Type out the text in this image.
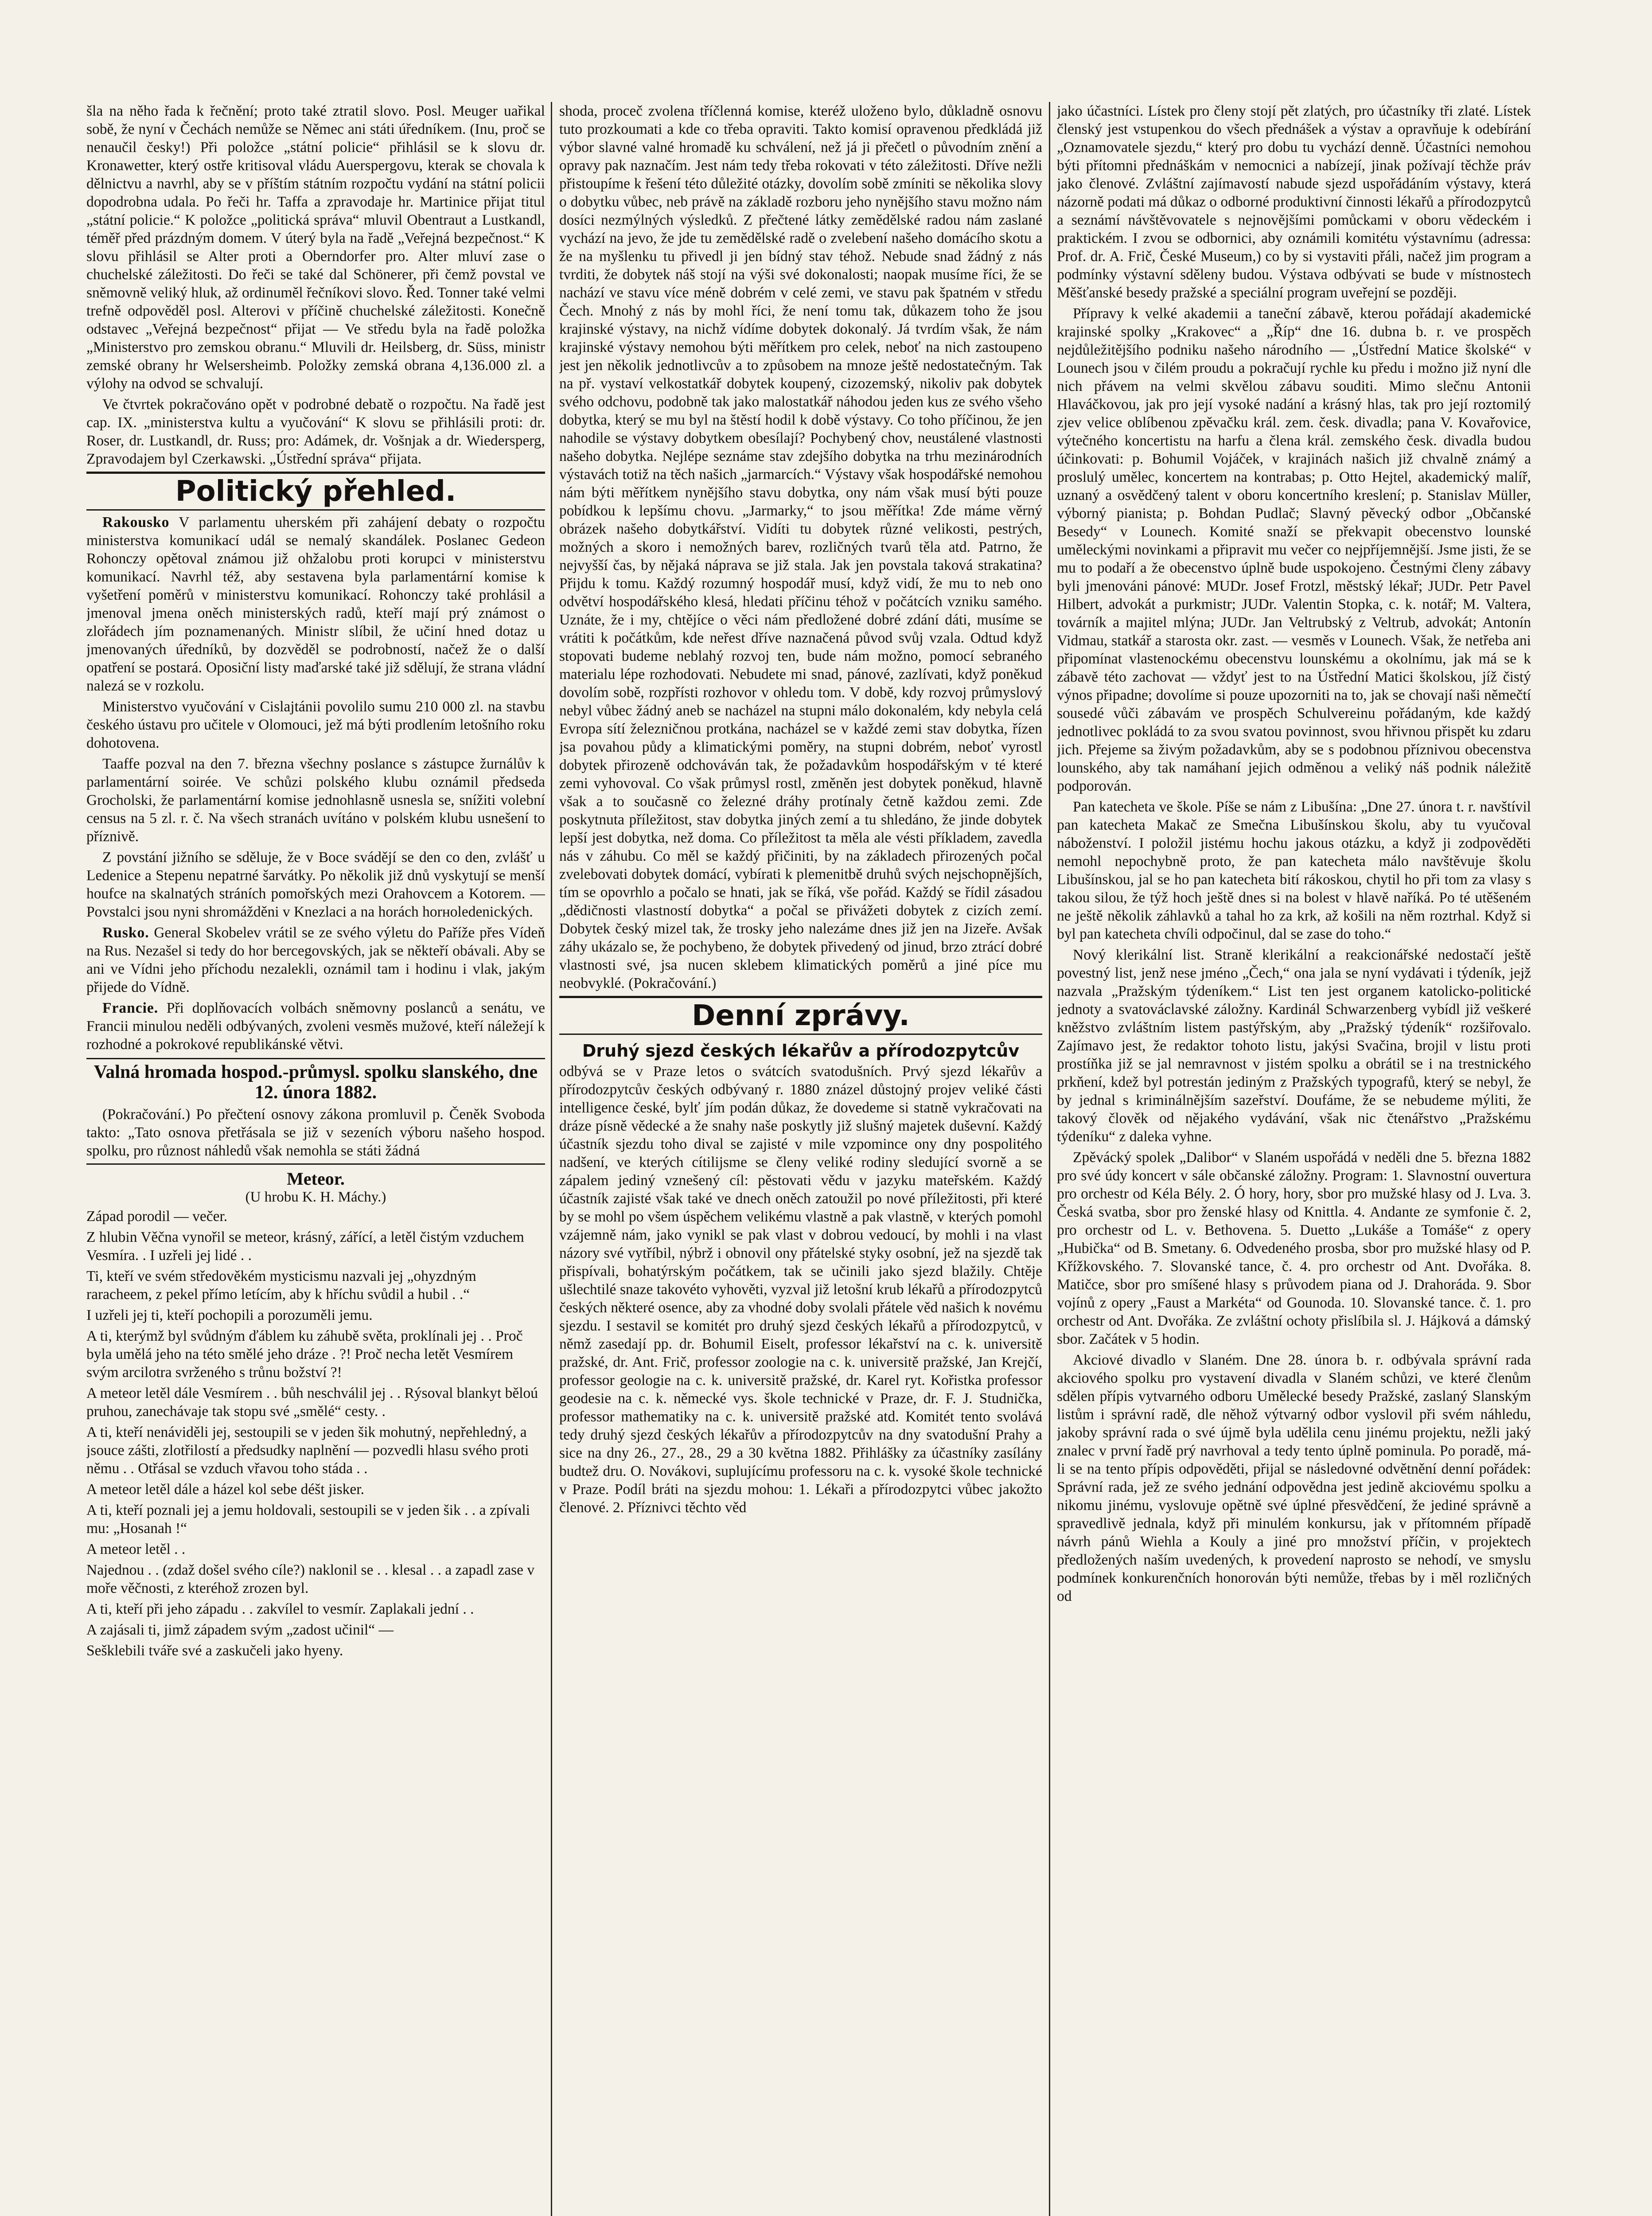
šla na něho řada k řečnění; proto také ztratil slovo. Posl. Meuger uařikal sobě, že nyní v Čechách nemůže se Němec ani státi úředníkem. (Inu, proč se nenaučil česky!) Při položce „státní policie“ přihlásil se k slovu dr. Kronawetter, který ostře kritisoval vládu Auerspergovu, kterak se chovala k dělnictvu a navrhl, aby se v příštím státním rozpočtu vydání na státní policii dopodrobna udala. Po řeči hr. Taffa a zpravodaje hr. Martinice přijat titul „státní policie.“ K položce „politická správa“ mluvil Obentraut a Lustkandl, téměř před prázdným domem. V úterý byla na řadě „Veřejná bezpečnost.“ K slovu přihlásil se Alter proti a Oberndorfer pro. Alter mluví zase o chuchelské záležitosti. Do řeči se také dal Schönerer, při čemž povstal ve sněmovně veliký hluk, až ordinuměl řečníkovi slovo. Řed. Tonner také velmi trefně odpověděl posl. Alterovi v příčině chuchelské záležitosti. Konečně odstavec „Veřejná bezpečnost“ přijat — Ve středu byla na řadě položka „Ministerstvo pro zemskou obranu.“ Mluvili dr. Heilsberg, dr. Süss, ministr zemské obrany hr Welsersheimb. Položky zemská obrana 4,136.000 zl. a výlohy na odvod se schvalují.

Ve čtvrtek pokračováno opět v podrobné debatě o rozpočtu. Na řadě jest cap. IX. „ministerstva kultu a vyučování“ K slovu se přihlásili proti: dr. Roser, dr. Lustkandl, dr. Russ; pro: Adámek, dr. Vošnjak a dr. Wiedersperg, Zpravodajem byl Czerkawski. „Ústřední správa“ přijata.

Politický přehled.

Rakousko V parlamentu uherském při zahájení debaty o rozpočtu ministerstva komunikací udál se nemalý skandálek. Poslanec Gedeon Rohonczy opětoval známou již ohžalobu proti korupci v ministerstvu komunikací. Navrhl též, aby sestavena byla parlamentární komise k vyšetření poměrů v ministerstvu komunikací. Rohonczy také prohlásil a jmenoval jmena oněch ministerských radů, kteří mají prý známost o zlořádech jím poznamenaných. Ministr slíbil, že učiní hned dotaz u jmenovaných úředníků, by dozvěděl se podrobností, načež že o další opatření se postará. Oposiční listy maďarské také již sdělují, že strana vládní nalezá se v rozkolu.

Ministerstvo vyučování v Cislajtánii povolilo sumu 210 000 zl. na stavbu českého ústavu pro učitele v Olomouci, jež má býti prodlením letošního roku dohotovena.

Taaffe pozval na den 7. března všechny poslance s zástupce žurnálův k parlamentární soirée. Ve schůzi polského klubu oznámil předseda Grocholski, že parlamentární komise jednohlasně usnesla se, snížiti volební census na 5 zl. r. č. Na všech stranách uvítáno v polském klubu usnešení to příznivě.

Z povstání jižního se sděluje, že v Boce svádějí se den co den, zvlášť u Ledenice a Stepenu nepatrné šarvátky. Po několik již dnů vyskytují se menší houfce na skalnatých stráních pomořských mezi Orahovcem a Kotorem. — Povstalci jsou nyni shromážděni v Knezlaci a na horách horноledenických.

Rusko. General Skobelev vrátil se ze svého výletu do Paříže přes Vídeň na Rus. Nezašel si tedy do hor bercegovských, jak se někteří obávali. Aby se ani ve Vídni jeho příchodu nezalekli, oznámil tam i hodinu i vlak, jakým přijede do Vídně.

Francie. Při doplňovacích volbách sněmovny poslanců a senátu, ve Francii minulou neděli odbývaných, zvoleni vesměs mužové, kteří náležejí k rozhodné a pokrokové republikánské větvi.

Valná hromada hospod.-průmysl. spolku slanského, dne 12. února 1882.

(Pokračování.) Po přečtení osnovy zákona promluvil p. Čeněk Svoboda takto: „Tato osnova přetřásala se již v sezeních výboru našeho hospod. spolku, pro různost náhledů však nemohla se státi žádná

Meteor.
(U hrobu K. H. Máchy.)

Západ porodil — večer.

Z hlubin Věčna vynořil se meteor, krásný, zářící, a letěl čistým vzduchem Vesmíra. . I uzřeli jej lidé . .

Ti, kteří ve svém středověkém mysticismu nazvali jej „ohyzdným raracheem, z pekel přímo letícím, aby k hříchu svůdil a hubil . .“

I uzřeli jej ti, kteří pochopili a porozuměli jemu.

A ti, kterýmž byl svůdným ďáblem ku záhubě světa, proklínali jej . . Proč byla umělá jeho na této smělé jeho dráze . ?! Proč necha letět Vesmírem svým arcilotra svrženého s trůnu božství ?!

A meteor letěl dále Vesmírem . . bůh neschválil jej . . Rýsoval blankyt běloú pruhou, zanechávaje tak stopu své „smělé“ cesty. .

A ti, kteří nenáviděli jej, sestoupili se v jeden šik mohutný, nepřehledný, a jsouce zášti, zlotřilostí a předsudky naplnění — pozvedli hlasu svého proti němu . . Otřásal se vzduch vřavou toho stáda . .

A meteor letěl dále a házel kol sebe déšt jisker.

A ti, kteří poznali jej a jemu holdovali, sestoupili se v jeden šik . . a zpívali mu: „Hosanah !“

A meteor letěl . .

Najednou . . (zdaž došel svého cíle?) naklonil se . . klesal . . a zapadl zase v moře věčnosti, z kteréhož zrozen byl.

A ti, kteří při jeho západu . . zakvílel to vesmír. Zaplakali jední . .

A zajásali ti, jimž západem svým „zadost učinil“ —

Sešklebili tváře své a zaskučeli jako hyeny.

shoda, proceč zvolena tříčlenná komise, kteréž uloženo bylo, důkladně osnovu tuto prozkoumati a kde co třeba opraviti. Takto komisí opravenou předkládá již výbor slavné valné hromadě ku schválení, než já ji přečetl o původním znění a opravy pak naznačím. Jest nám tedy třeba rokovati v této záležitosti. Dříve nežli přistoupíme k řešení této důležité otázky, dovolím sobě zmíniti se několika slovy o dobytku vůbec, neb právě na základě rozboru jeho nynějšího stavu možno nám dosíci nezmýlných výsledků. Z přečtené látky zemědělské radou nám zaslané vychází na jevo, že jde tu zemědělské radě o zvelebení našeho domácího skotu a že na myšlenku tu přivedl ji jen bídný stav téhož. Nebude snad žádný z nás tvrditi, že dobytek náš stojí na výši své dokonalosti; naopak musíme říci, že se nachází ve stavu více méně dobrém v celé zemi, ve stavu pak špatném v středu Čech. Mnohý z nás by mohl říci, že není tomu tak, důkazem toho že jsou krajinské výstavy, na nichž vídíme dobytek dokonalý. Já tvrdím však, že nám krajinské výstavy nemohou býti měřítkem pro celek, neboť na nich zastoupeno jest jen několik jednotlivcův a to způsobem na mnoze ještě nedostatečným. Tak na př. vystaví velkostatkář dobytek koupený, cizozemský, nikoliv pak dobytek svého odchovu, podobně tak jako malostatkář náhodou jeden kus ze svého všeho dobytka, který se mu byl na štěstí hodil k době výstavy. Co toho příčinou, že jen nahodile se výstavy dobytkem obesílají? Pochybený chov, neustálené vlastnosti našeho dobytka. Nejlépe seznáme stav zdejšího dobytka na trhu mezinárodních výstavách totiž na těch našich „jarmarcích.“ Výstavy však hospodářské nemohou nám býti měřítkem nynějšího stavu dobytka, ony nám však musí býti pouze pobídkou k lepšímu chovu. „Jarmarky,“ to jsou měřítka! Zde máme věrný obrázek našeho dobytkářství. Vidíti tu dobytek různé velikosti, pestrých, možných a skoro i nemožných barev, rozličných tvarů těla atd. Patrno, že nejvyšší čas, by nějaká náprava se již stala. Jak jen povstala taková strakatina? Přijdu k tomu. Každý rozumný hospodář musí, když vidí, že mu to neb ono odvětví hospodářského klesá, hledati příčinu téhož v počátcích vzniku samého. Uznáte, že i my, chtějíce o věci nám předložené dobré zdání dáti, musíme se vrátiti k počátkům, kde neřest dříve naznačená původ svůj vzala. Odtud když stopovati budeme neblahý rozvoj ten, bude nám možno, pomocí sebraného materialu lépe rozhodovati. Nebudete mi snad, pánové, zazlívati, když poněkud dovolím sobě, rozpřísti rozhovor v ohledu tom. V době, kdy rozvoj průmyslový nebyl vůbec žádný aneb se nacházel na stupni málo dokonalém, kdy nebyla celá Evropa sítí železničnou protkána, nacházel se v každé zemi stav dobytka, řízen jsa povahou půdy a klimatickými poměry, na stupni dobrém, neboť vyrostl dobytek přirozeně odchováván tak, že požadavkům hospodářským v té které zemi vyhovoval. Co však průmysl rostl, změněn jest dobytek poněkud, hlavně však a to současně co železné dráhy protínaly četně každou zemi. Zde poskytnuta příležitost, stav dobytka jiných zemí a tu shledáno, že jinde dobytek lepší jest dobytka, než doma. Co příležitost ta měla ale vésti příkladem, zavedla nás v záhubu. Co měl se každý přičiniti, by na základech přirozených počal zvelebovati dobytek domácí, vybírati k plemenitbě druhů svých nejschopnějších, tím se opovrhlo a počalo se hnati, jak se říká, vše pořád. Každý se řídil zásadou „dědičnosti vlastností dobytka“ a počal se přivážeti dobytek z cizích zemí. Dobytek český mizel tak, že trosky jeho nalezáme dnes již jen na Jizeře. Avšak záhy ukázalo se, že pochybeno, že dobytek přivedený od jinud, brzo ztrácí dobré vlastnosti své, jsa nucen sklebem klimatických poměrů a jiné píce mu neobvyklé. (Pokračování.)

Denní zprávy.
Druhý sjezd českých lékařův a přírodozpytcův

odbývá se v Praze letos o svátcích svatodušních. Prvý sjezd lékařův a přírodozpytcův českých odbývaný r. 1880 znázel důstojný projev veliké části intelligence české, bylť jím podán důkaz, že dovedeme si statně vykračovati na dráze písně vědecké a že snahy naše poskytly již slušný majetek duševní. Každý účastník sjezdu toho dival se zajisté v mile vzpomince ony dny pospolitého nadšení, ve kterých cítilijsme se členy veliké rodiny sledující svorně a se zápalem jediný vznešený cíl: pěstovati vědu v jazyku mateřském. Každý účastník zajisté však také ve dnech oněch zatoužil po nové příležitosti, při které by se mohl po všem úspěchem velikému vlastně a pak vlastně, v kterých pomohl vzájemně nám, jako vynikl se pak vlast v dobrou vedoucí, by mohli i na vlast názory své vytříbil, nýbrž i obnovil ony přátelské styky osobní, jež na sjezdě tak přispívali, bohatýrským počátkem, tak se učinili jako sjezd blažily. Chtěje ušlechtilé snaze takovéto vyhověti, vyzval již letošní krub lékařů a přírodozpytců českých některé osence, aby za vhodné doby svolali přátele věd našich k novému sjezdu. I sestavil se komitét pro druhý sjezd českých lékařů a přírodozpytců, v němž zasedají pp. dr. Bohumil Eiselt, professor lékařství na c. k. universitě pražské, dr. Ant. Frič, professor zoologie na c. k. universitě pražské, Jan Krejčí, professor geologie na c. k. universitě pražské, dr. Karel ryt. Kořistka professor geodesie na c. k. německé vys. škole technické v Praze, dr. F. J. Studnička, professor mathematiky na c. k. universitě pražské atd. Komitét tento svolává tedy druhý sjezd českých lékařův a přírodozpytcův na dny svatodušní Prahy a sice na dny 26., 27., 28., 29 a 30 května 1882. Přihlášky za účastníky zasílány budtež dru. O. Novákovi, suplujícímu professoru na c. k. vysoké škole technické v Praze. Podíl bráti na sjezdu mohou: 1. Lékaři a přírodozpytci vůbec jakožto členové. 2. Příznivci těchto věd

jako účastníci. Lístek pro členy stojí pět zlatých, pro účastníky tři zlaté. Lístek členský jest vstupenkou do všech přednášek a výstav a opravňuje k odebírání „Oznamovatele sjezdu,“ který pro dobu tu vychází denně. Účastníci nemohou býti přítomni přednáškám v nemocnici a nabízejí, jinak požívají těchže práv jako členové. Zvláštní zajímavostí nabude sjezd uspořádáním výstavy, která názorně podati má důkaz o odborné produktivní činnosti lékařů a přírodozpytců a seznámí návštěvovatele s nejnovějšími pomůckami v oboru vědeckém i praktickém. I zvou se odbornici, aby oznámili komitétu výstavnímu (adressa: Prof. dr. A. Frič, České Museum,) co by si vystaviti přáli, načež jim program a podmínky výstavní sděleny budou. Výstava odbývati se bude v místnostech Měšťanské besedy pražské a speciální program uveřejní se později.

Přípravy k velké akademii a taneční zábavě, kterou pořádají akademické krajinské spolky „Krakovec“ a „Říp“ dne 16. dubna b. r. ve prospěch nejdůležitějšího podniku našeho národního — „Ústřední Matice školské“ v Lounech jsou v čilém proudu a pokračují rychle ku předu i možno již nyní dle nich přávem na velmi skvělou zábavu souditi. Mimo slečnu Antonii Hlaváčkovou, jak pro její vysoké nadání a krásný hlas, tak pro její roztomilý zjev velice oblíbenou zpěvačku král. zem. česk. divadla; pana V. Kovařovice, výtečného koncertistu na harfu a člena král. zemského česk. divadla budou účinkovati: p. Bohumil Vojáček, v krajinách našich již chvalně známý a proslulý umělec, koncertem na kontrabas; p. Otto Hejtel, akademický malíř, uznaný a osvědčený talent v oboru koncertního kreslení; p. Stanislav Müller, výborný pianista; p. Bohdan Pudlač; Slavný pěvecký odbor „Občanské Besedy“ v Lounech. Komité snaží se překvapit obecenstvo lounské uměleckými novinkami a připravit mu večer co nejpříjemnější. Jsme jisti, že se mu to podaří a že obecenstvo úplně bude uspokojeno. Čestnými členy zábavy byli jmenováni pánové: MUDr. Josef Frotzl, městský lékař; JUDr. Petr Pavel Hilbert, advokát a purkmistr; JUDr. Valentin Stopka, c. k. notář; M. Valtera, továrník a majitel mlýna; JUDr. Jan Veltrubský z Veltrub, advokát; Antonín Vidmau, statkář a starosta okr. zast. — vesměs v Lounech. Však, že netřeba ani připomínat vlastenockému obecenstvu lounskému a okolnímu, jak má se k zábavě této zachovat — vždyť jest to na Ústřední Matici školskou, jíž čistý výnos připadne; dovolíme si pouze upozorniti na to, jak se chovají naši němečtí sousedé vůči zábavám ve prospěch Schulvereinu pořádaným, kde každý jednotlivec pokládá to za svou svatou povinnost, svou hřivnou přispět ku zdaru jich. Přejeme sa živým požadavkům, aby se s podobnou příznivou obecenstva lounského, aby tak namáhaní jejich odměnou a veliký náš podnik náležitě podporován.

Pan katecheta ve škole. Píše se nám z Libušína: „Dne 27. února t. r. navštívil pan katecheta Makač ze Smečna Libušínskou školu, aby tu vyučoval náboženství. I položil jistému hochu jakous otázku, a když ji zodpověděti nemohl nepochybně proto, že pan katecheta málo navštěvuje školu Libušínskou, jal se ho pan katecheta bití rákoskou, chytil ho při tom za vlasy s takou silou, že týž hoch ještě dnes si na bolest v hlavě naříká. Po té utěšeném ne ještě několik záhlavků a tahal ho za krk, až košili na něm roztrhal. Když si byl pan katecheta chvíli odpočinul, dal se zase do toho.“

Nový klerikální list. Straně klerikální a reakcionářské nedostačí ještě povestný list, jenž nese jméno „Čech,“ ona jala se nyní vydávati i týdeník, jejž nazvala „Pražským týdeníkem.“ List ten jest organem katolicko-politické jednoty a svatováclavské záložny. Kardinál Schwarzenberg vybídl již veškeré kněžstvo zvláštním listem pastýřským, aby „Pražský týdeník“ rozšiřovalo. Zajímavo jest, že redaktor tohoto listu, jakýsi Svačina, brojil v listu proti prostíňka již se jal nemravnost v jistém spolku a obrátil se i na trestnického prkňení, kdež byl potrestán jediným z Pražských typografů, který se nebyl, že by jednal s kriminálnějším sazeřství. Doufáme, že se nebudeme mýliti, že takový člověk od nějakého vydávání, však nic čtenářstvo „Pražskému týdeníku“ z daleka vyhne.

Zpěvácký spolek „Dalibor“ v Slaném uspořádá v neděli dne 5. března 1882 pro své údy koncert v sále občanské záložny. Program: 1. Slavnostní ouvertura pro orchestr od Kéla Bély. 2. Ó hory, hory, sbor pro mužské hlasy od J. Lva. 3. Česká svatba, sbor pro ženské hlasy od Knittla. 4. Andante ze symfonie č. 2, pro orchestr od L. v. Bethovena. 5. Duetto „Lukáše a Tomáše“ z opery „Hubička“ od B. Smetany. 6. Odvedeného prosba, sbor pro mužské hlasy od P. Křížkovského. 7. Slovanské tance, č. 4. pro orchestr od Ant. Dvořáka. 8. Matičce, sbor pro smíšené hlasy s průvodem piana od J. Drahoráda. 9. Sbor vojínů z opery „Faust a Markéta“ od Gounoda. 10. Slovanské tance. č. 1. pro orchestr od Ant. Dvořáka. Ze zvláštní ochoty přislíbila sl. J. Hájková a dámský sbor. Začátek v 5 hodin.

Akciové divadlo v Slaném. Dne 28. února b. r. odbývala správní rada akciového spolku pro vystavení divadla v Slaném schůzi, ve které členům sdělen přípis vytvarného odboru Umělecké besedy Pražské, zaslaný Slanským listům i správní radě, dle něhož výtvarný odbor vyslovil při svém náhledu, jakoby správní rada o své újmě byla udělila cenu jinému projektu, nežli jaký znalec v první řadě prý navrhoval a tedy tento úplně pominula. Po poradě, má-li se na tento přípis odpověděti, přijal se následovné odvětnění denní pořádek: Správní rada, jež ze svého jednání odpovědna jest jedině akciovému spolku a nikomu jinému, vyslovuje opětně své úplné přesvědčení, že jediné správně a spravedlivě jednala, když při minulém konkursu, jak v přítomném případě návrh pánů Wiehla a Kouly a jiné pro množství příčin, v projektech předložených naším uvedených, k provedení naprosto se nehodí, ve smyslu podmínek konkurenčních honorován býti nemůže, třebas by i měl rozličných od
